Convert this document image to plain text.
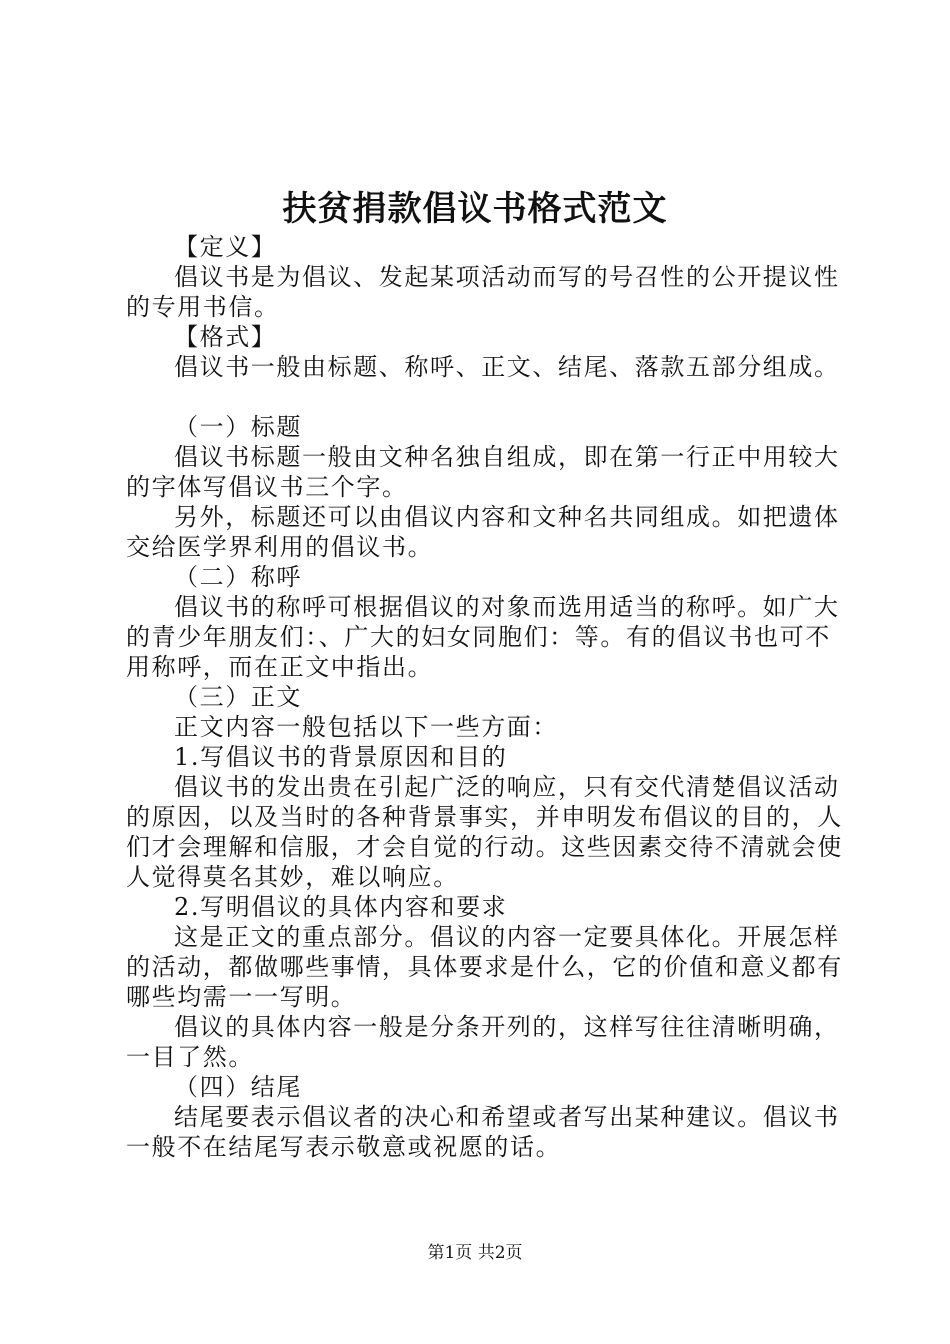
扶贫捐款倡议书格式范文

【定义】

倡议书是为倡议、发起某项活动而写的号召性的公开提议性的专用书信。

【格式】

倡议书一般由标题、称呼、正文、结尾、落款五部分组成。

（一）标题

倡议书标题一般由文种名独自组成，即在第一行正中用较大的字体写倡议书三个字。

另外，标题还可以由倡议内容和文种名共同组成。如把遗体交给医学界利用的倡议书。

（二）称呼

倡议书的称呼可根据倡议的对象而选用适当的称呼。如广大的青少年朋友们：、广大的妇女同胞们：等。有的倡议书也可不用称呼，而在正文中指出。

（三）正文

正文内容一般包括以下一些方面：

1.写倡议书的背景原因和目的

倡议书的发出贵在引起广泛的响应，只有交代清楚倡议活动的原因，以及当时的各种背景事实，并申明发布倡议的目的，人们才会理解和信服，才会自觉的行动。这些因素交待不清就会使人觉得莫名其妙，难以响应。

2.写明倡议的具体内容和要求

这是正文的重点部分。倡议的内容一定要具体化。开展怎样的活动，都做哪些事情，具体要求是什么，它的价值和意义都有哪些均需一一写明。

倡议的具体内容一般是分条开列的，这样写往往清晰明确，一目了然。

（四）结尾

结尾要表示倡议者的决心和希望或者写出某种建议。倡议书一般不在结尾写表示敬意或祝愿的话。

第1页 共2页
